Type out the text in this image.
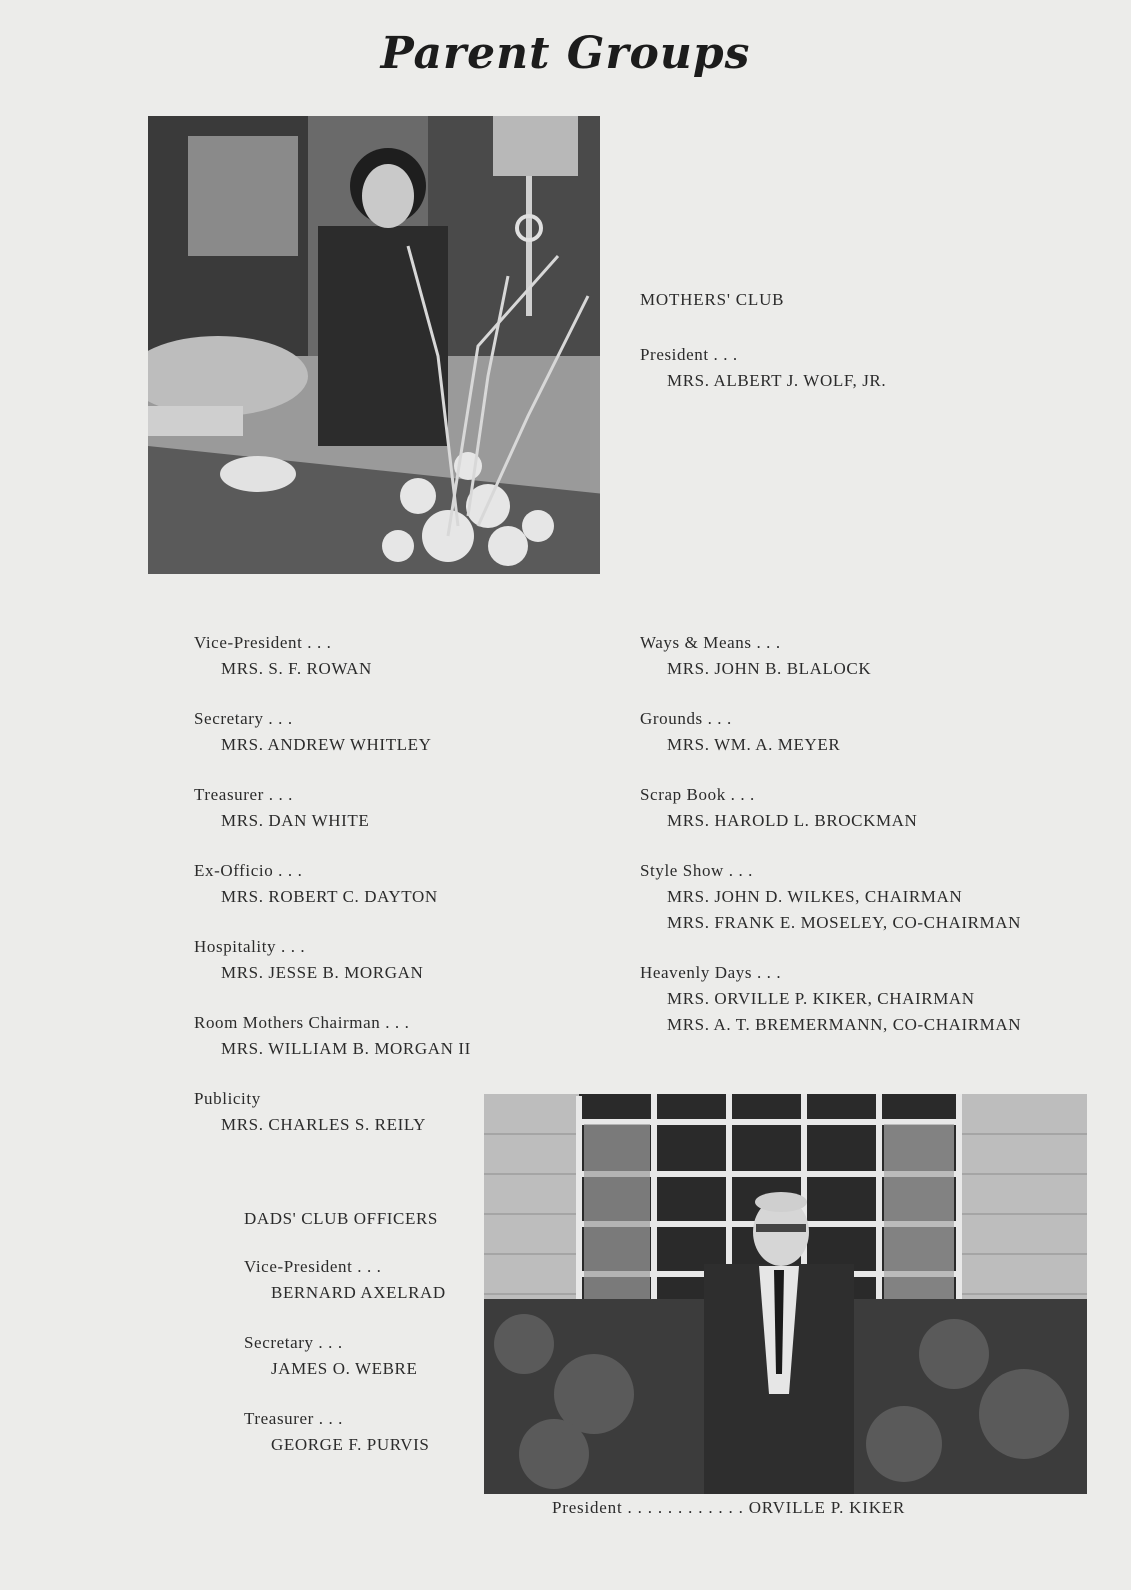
Parent Groups
MOTHERS' CLUB
President . . .
MRS. ALBERT J. WOLF, JR.
Vice-President . . .
MRS. S. F. ROWAN
Secretary . . .
MRS. ANDREW WHITLEY
Treasurer . . .
MRS. DAN WHITE
Ex-Officio . . .
MRS. ROBERT C. DAYTON
Hospitality . . .
MRS. JESSE B. MORGAN
Room Mothers Chairman . . .
MRS. WILLIAM B. MORGAN II
Publicity
MRS. CHARLES S. REILY
Ways & Means . . .
MRS. JOHN B. BLALOCK
Grounds . . .
MRS. WM. A. MEYER
Scrap Book . . .
MRS. HAROLD L. BROCKMAN
Style Show . . .
MRS. JOHN D. WILKES, CHAIRMAN
MRS. FRANK E. MOSELEY, CO-CHAIRMAN
Heavenly Days . . .
MRS. ORVILLE P. KIKER, CHAIRMAN
MRS. A. T. BREMERMANN, CO-CHAIRMAN
DADS' CLUB OFFICERS
Vice-President . . .
BERNARD AXELRAD
Secretary . . .
JAMES O. WEBRE
Treasurer . . .
GEORGE F. PURVIS
President . . . . . . . . . . . . ORVILLE P. KIKER
